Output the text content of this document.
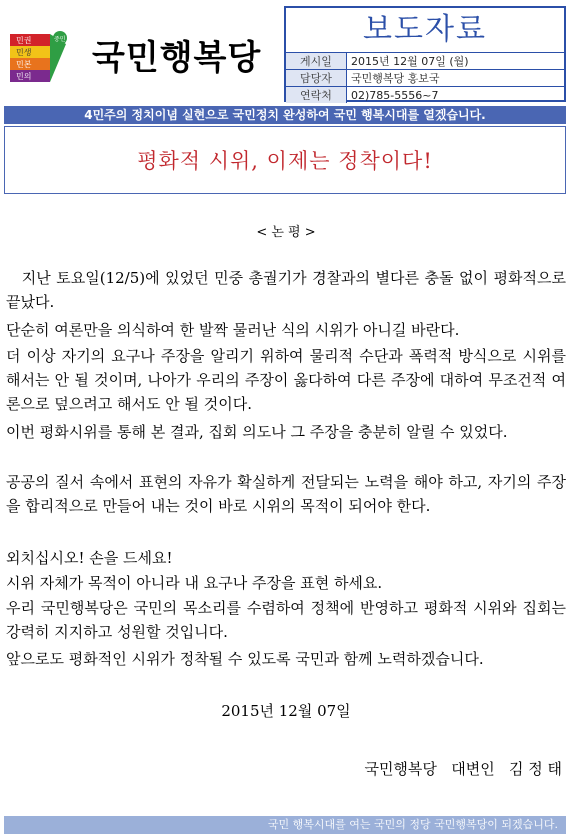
민권
민생
민본
민의
중민 국민행복당
보도자료
게시일	2015년 12월 07일 (월)
담당자	국민행복당 홍보국
연락처	02)785-5556~7
4민주의 정치이념 실현으로 국민정치 완성하여 국민 행복시대를 열겠습니다.
평화적 시위, 이제는 정착이다!
< 논 평 >

　지난 토요일(12/5)에 있었던 민중 총궐기가 경찰과의 별다른 충돌 없이 평화적으로 끝났다.

단순히 여론만을 의식하여 한 발짝 물러난 식의 시위가 아니길 바란다.

더 이상 자기의 요구나 주장을 알리기 위하여 물리적 수단과 폭력적 방식으로 시위를 해서는 안 될 것이며, 나아가 우리의 주장이 옳다하여 다른 주장에 대하여 무조건적 여론으로 덮으려고 해서도 안 될 것이다.

이번 평화시위를 통해 본 결과, 집회 의도나 그 주장을 충분히 알릴 수 있었다.

공공의 질서 속에서 표현의 자유가 확실하게 전달되는 노력을 해야 하고, 자기의 주장을 합리적으로 만들어 내는 것이 바로 시위의 목적이 되어야 한다.

외치십시오! 손을 드세요!

시위 자체가 목적이 아니라 내 요구나 주장을 표현 하세요.

우리 국민행복당은 국민의 목소리를 수렴하여 정책에 반영하고 평화적 시위와 집회는 강력히 지지하고 성원할 것입니다.

앞으로도 평화적인 시위가 정착될 수 있도록 국민과 함께 노력하겠습니다.

2015년 12월 07일
국민행복당   대변인   김 정 태
국민 행복시대를 여는 국민의 정당 국민행복당이 되겠습니다.
